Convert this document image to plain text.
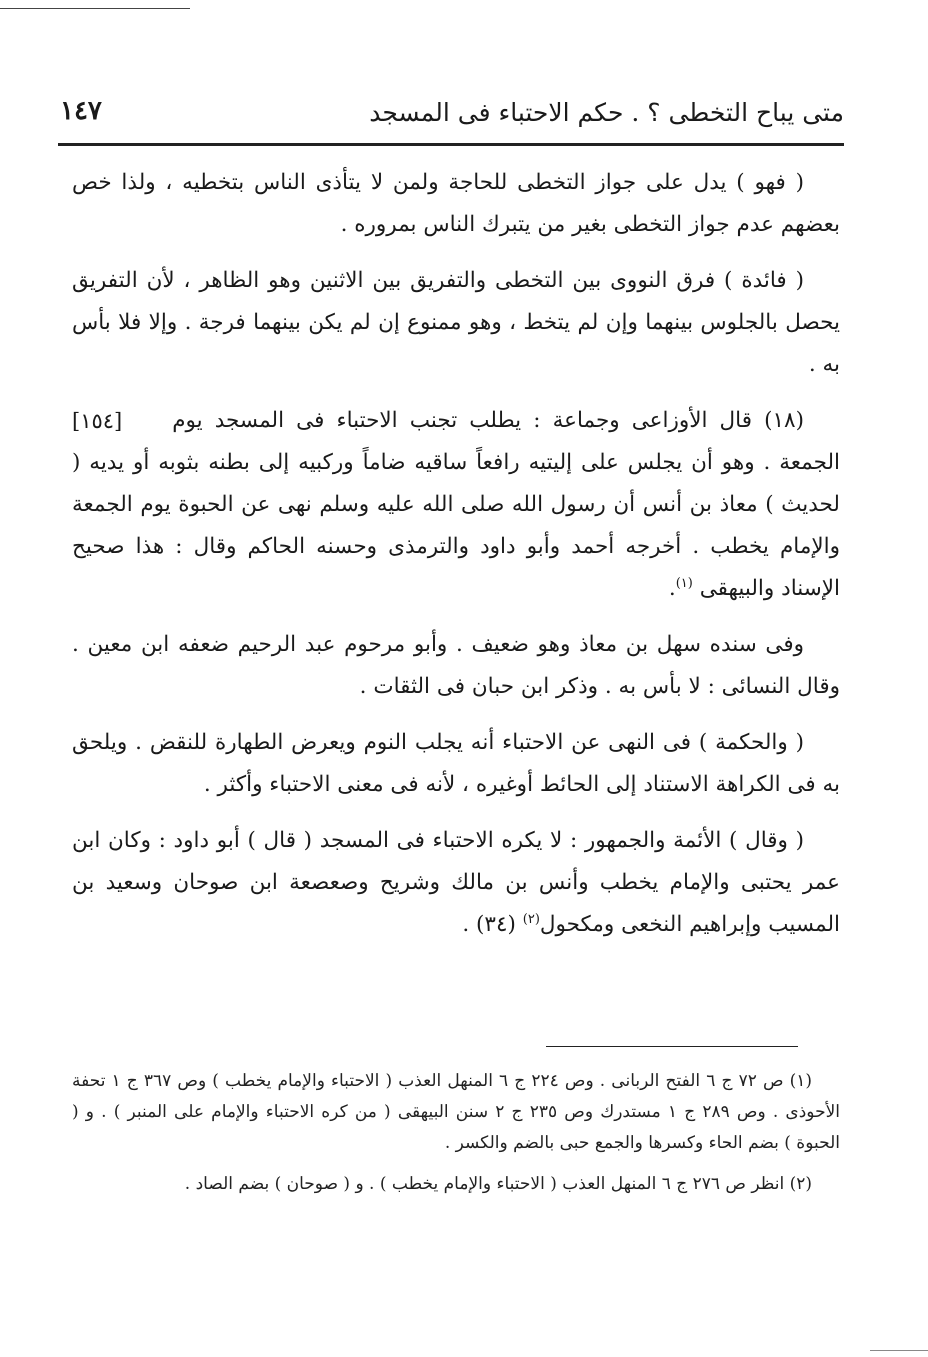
متى يباح التخطى ؟ . حكم الاحتباء فى المسجد
١٤٧

( فهو ) يدل على جواز التخطى للحاجة ولمن لا يتأذى الناس بتخطيه ، ولذا خص بعضهم عدم جواز التخطى بغير من يتبرك الناس بمروره .

( فائدة ) فرق النووى بين التخطى والتفريق بين الاثنين وهو الظاهر ، لأن التفريق يحصل بالجلوس بينهما وإن لم يتخط ، وهو ممنوع إن لم يكن بينهما فرجة . وإلا فلا بأس به .

[١٥٤]	(١٨) قال الأوزاعى وجماعة : يطلب تجنب الاحتباء فى المسجد يوم الجمعة . وهو أن يجلس على إليتيه رافعاً ساقيه ضاماً وركبيه إلى بطنه بثوبه أو يديه ( لحديث ) معاذ بن أنس أن رسول الله صلى الله عليه وسلم نهى عن الحبوة يوم الجمعة والإمام يخطب . أخرجه أحمد وأبو داود والترمذى وحسنه الحاكم وقال : هذا صحيح الإسناد والبيهقى $^{(١)}$.

وفى سنده سهل بن معاذ وهو ضعيف . وأبو مرحوم عبد الرحيم ضعفه ابن معين . وقال النسائى : لا بأس به . وذكر ابن حبان فى الثقات .

( والحكمة ) فى النهى عن الاحتباء أنه يجلب النوم ويعرض الطهارة للنقض . ويلحق به فى الكراهة الاستناد إلى الحائط أوغيره ، لأنه فى معنى الاحتباء وأكثر .

( وقال ) الأئمة والجمهور : لا يكره الاحتباء فى المسجد ( قال ) أبو داود : وكان ابن عمر يحتبى والإمام يخطب وأنس بن مالك وشريح وصعصعة ابن صوحان وسعيد بن المسيب وإبراهيم النخعى ومكحول$^{(٢)}$ (٣٤) .

(١) ص ٧٢ ج ٦ الفتح الربانى . وص ٢٢٤ ج ٦ المنهل العذب ( الاحتباء والإمام يخطب ) وص ٣٦٧ ج ١ تحفة الأحوذى . وص ٢٨٩ ج ١ مستدرك وص ٢٣٥ ج ٢ سنن البيهقى ( من كره الاحتباء والإمام على المنبر ) . و ( الحبوة ) بضم الحاء وكسرها والجمع حبى بالضم والكسر .

(٢) انظر ص ٢٧٦ ج ٦ المنهل العذب ( الاحتباء والإمام يخطب ) . و ( صوحان ) بضم الصاد .
